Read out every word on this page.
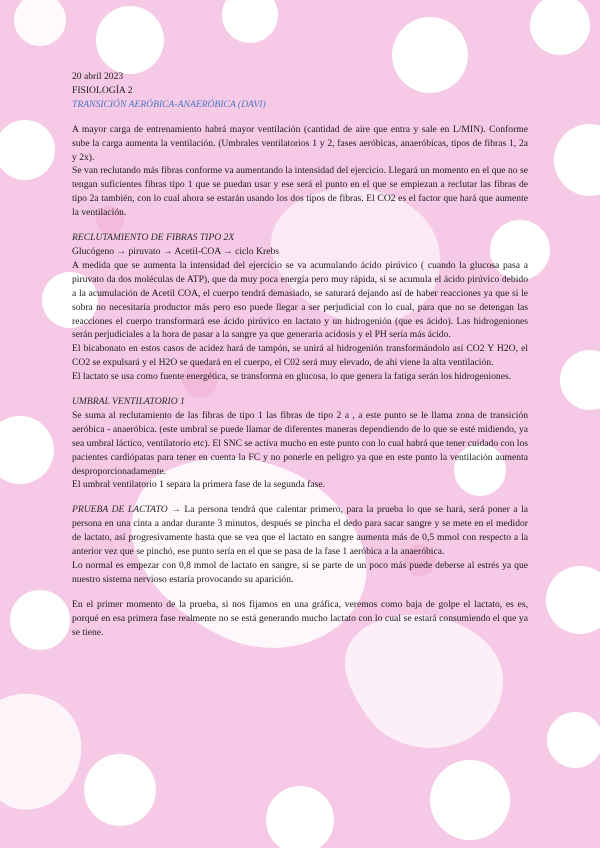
20 abril 2023

FISIOLOGÍA 2

TRANSICIÓN AERÓBICA-ANAERÓBICA (DAVI)

A mayor carga de entrenamiento habrá mayor ventilación (cantidad de aire que entra y sale en L/MIN). Conforme sube la carga aumenta la ventilación. (Umbrales ventilatorios 1 y 2, fases aeróbicas, anaeróbicas, tipos de fibras 1, 2a y 2x).

Se van reclutando más fibras conforme va aumentando la intensidad del ejercicio. Llegará un momento en el que no se tengan suficientes fibras tipo 1 que se puedan usar y ese será el punto en el que se empiezan a reclutar las fibras de tipo 2a también, con lo cual ahora se estarán usando los dos tipos de fibras. El CO2 es el factor que hará que aumente la ventilación.

RECLUTAMIENTO DE FIBRAS TIPO 2X

Glucógeno → piruvato → Acetil-COA → ciclo Krebs

A medida que se aumenta la intensidad del ejercicio se va acumulando ácido pirúvico ( cuando la glucosa pasa a piruvato da dos moléculas de ATP), que da muy poca energía pero muy rápida, si se acumula el ácido pirúvico debido a la acumulación de Acetil COA, el cuerpo tendrá demasiado, se saturará dejando así de haber reacciones ya que si le sobra no necesitaría productor más pero eso puede llegar a ser perjudicial con lo cual, para que no se detengan las reacciones el cuerpo transformará ese ácido pirúvico en lactato y un hidrogenión (que es ácido). Las hidrogeniones serán perjudiciales a la hora de pasar a la sangre ya que generaría acidosis y el PH sería más ácido.

El bicabonato en estos casos de acidez hará de tampón, se unirá al hidrogenión transformándolo así CO2 Y H2O, el CO2 se expulsará y el H2O se quedará en el cuerpo, el C02 será muy elevado, de ahí viene la alta ventilación.

El lactato se usa como fuente energética, se transforma en glucosa, lo que genera la fatiga serán los hidrogeniones.

UMBRAL VENTILATORIO 1

Se suma al reclutamiento de las fibras de tipo 1 las fibras de tipo 2 a , a este punto se le llama zona de transición aeróbica - anaeróbica. (este umbral se puede llamar de diferentes maneras dependiendo de lo que se esté midiendo, ya sea umbral láctico, ventilatorio etc). El SNC se activa mucho en este punto con lo cual habrá que tener cuidado con los pacientes cardiópatas para tener en cuenta la FC y no ponerle en peligro ya que en este punto la ventilación aumenta desproporcionadamente.

El umbral ventilatorio 1 separa la primera fase de la segunda fase.

PRUEBA DE LACTATO → La persona tendrá que calentar primero, para la prueba lo que se hará, será poner a la persona en una cinta a andar durante 3 minutos, después se pincha el dedo para sacar sangre y se mete en el medidor de lactato, así progresivamente hasta que se vea que el lactato en sangre aumenta más de 0,5 mmol con respecto a la anterior vez que se pinchó, ese punto sería en el que se pasa de la fase 1 aeróbica a la anaeróbica.

Lo normal es empezar con 0,8 mmol de lactato en sangre, si se parte de un poco más puede deberse al estrés ya que nuestro sistema nervioso estaría provocando su aparición.

En el primer momento de la prueba, si nos fijamos en una gráfica, veremos como baja de golpe el lactato, es es, porqué en esa primera fase realmente no se está generando mucho lactato con lo cual se estará consumiendo el que ya se tiene.
